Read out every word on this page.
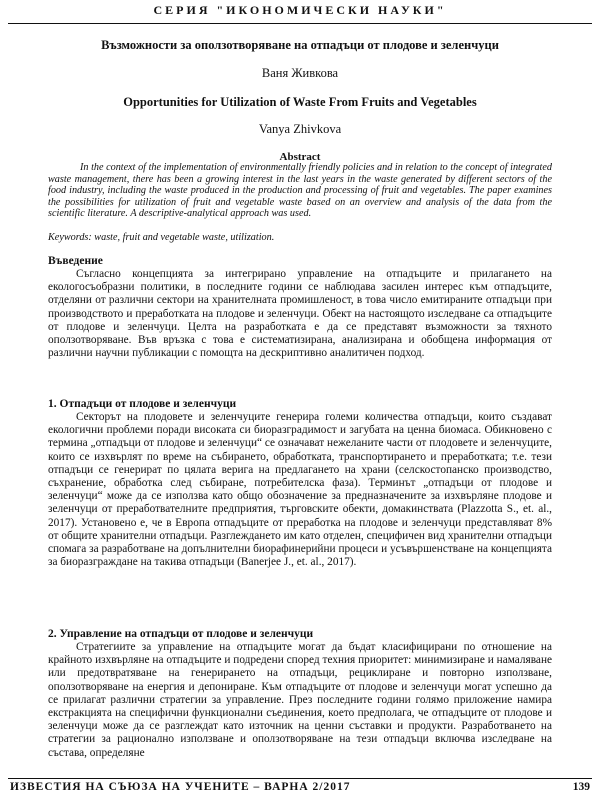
СЕРИЯ "ИКОНОМИЧЕСКИ НАУКИ"
Възможности за оползотворяване на отпадъци от плодове и зеленчуци
Ваня Живкова
Opportunities for Utilization of Waste From Fruits and Vegetables
Vanya Zhivkova
Abstract

In the context of the implementation of environmentally friendly policies and in relation to the concept of integrated waste management, there has been a growing interest in the last years in the waste generated by different sectors of the food industry, including the waste produced in the production and processing of fruit and vegetables. The paper examines the possibilities for utilization of fruit and vegetable waste based on an overview and analysis of the data from the scientific literature. A descriptive-analytical approach was used.

Keywords: waste, fruit and vegetable waste, utilization.

Въведение

Съгласно концепцията за интегрирано управление на отпадъците и прилагането на екологосъобразни политики, в последните години се наблюдава засилен интерес към отпадъците, отделяни от различни сектори на хранителната промишленост, в това число емитираните отпадъци при производството и преработката на плодове и зеленчуци. Обект на настоящото изследване са отпадъците от плодове и зеленчуци. Целта на разработката е да се представят възможности за тяхното оползотворяване. Във връзка с това е систематизирана, анализирана и обобщена информация от различни научни публикации с помощта на дескриптивно аналитичен подход.

1. Отпадъци от плодове и зеленчуци

Секторът на плодовете и зеленчуците генерира големи количества отпадъци, които създават екологични проблеми поради високата си биоразградимост и загубата на ценна биомаса. Обикновено с термина „отпадъци от плодове и зеленчуци“ се означават нежеланите части от плодовете и зеленчуците, които се изхвърлят по време на събирането, обработката, транспортирането и преработката; т.е. тези отпадъци се генерират по цялата верига на предлагането на храни (селскостопанско производство, съхранение, обработка след събиране, потребителска фаза). Терминът „отпадъци от плодове и зеленчуци“ може да се използва като общо обозначение за предназначените за изхвърляне плодове и зеленчуци от преработвателните предприятия, търговските обекти, домакинствата (Plazzotta S., et. al., 2017). Установено е, че в Европа отпадъците от преработка на плодове и зеленчуци представляват 8% от общите хранителни отпадъци. Разглеждането им като отделен, специфичен вид хранителни отпадъци спомага за разработване на допълнителни биорафинерийни процеси и усъвършенстване на концепцията за биоразграждане на такива отпадъци (Banerjee J., et. al., 2017).

2. Управление на отпадъци от плодове и зеленчуци

Стратегиите за управление на отпадъците могат да бъдат класифицирани по отношение на крайното изхвърляне на отпадъците и подредени според техния приоритет: минимизиране и намаляване или предотвратяване на генерирането на отпадъци, рециклиране и повторно използване, оползотворяване на енергия и депониране. Към отпадъците от плодове и зеленчуци могат успешно да се прилагат различни стратегии за управление. През последните години голямо приложение намира екстракцията на специфични функционални съединения, което предполага, че отпадъците от плодове и зеленчуци може да се разглеждат като източник на ценни съставки и продукти. Разработването на стратегии за рационално използване и оползотворяване на тези отпадъци включва изследване на състава, определяне

ИЗВЕСТИЯ НА СЪЮЗА НА УЧЕНИТЕ – ВАРНА 2/2017	139
